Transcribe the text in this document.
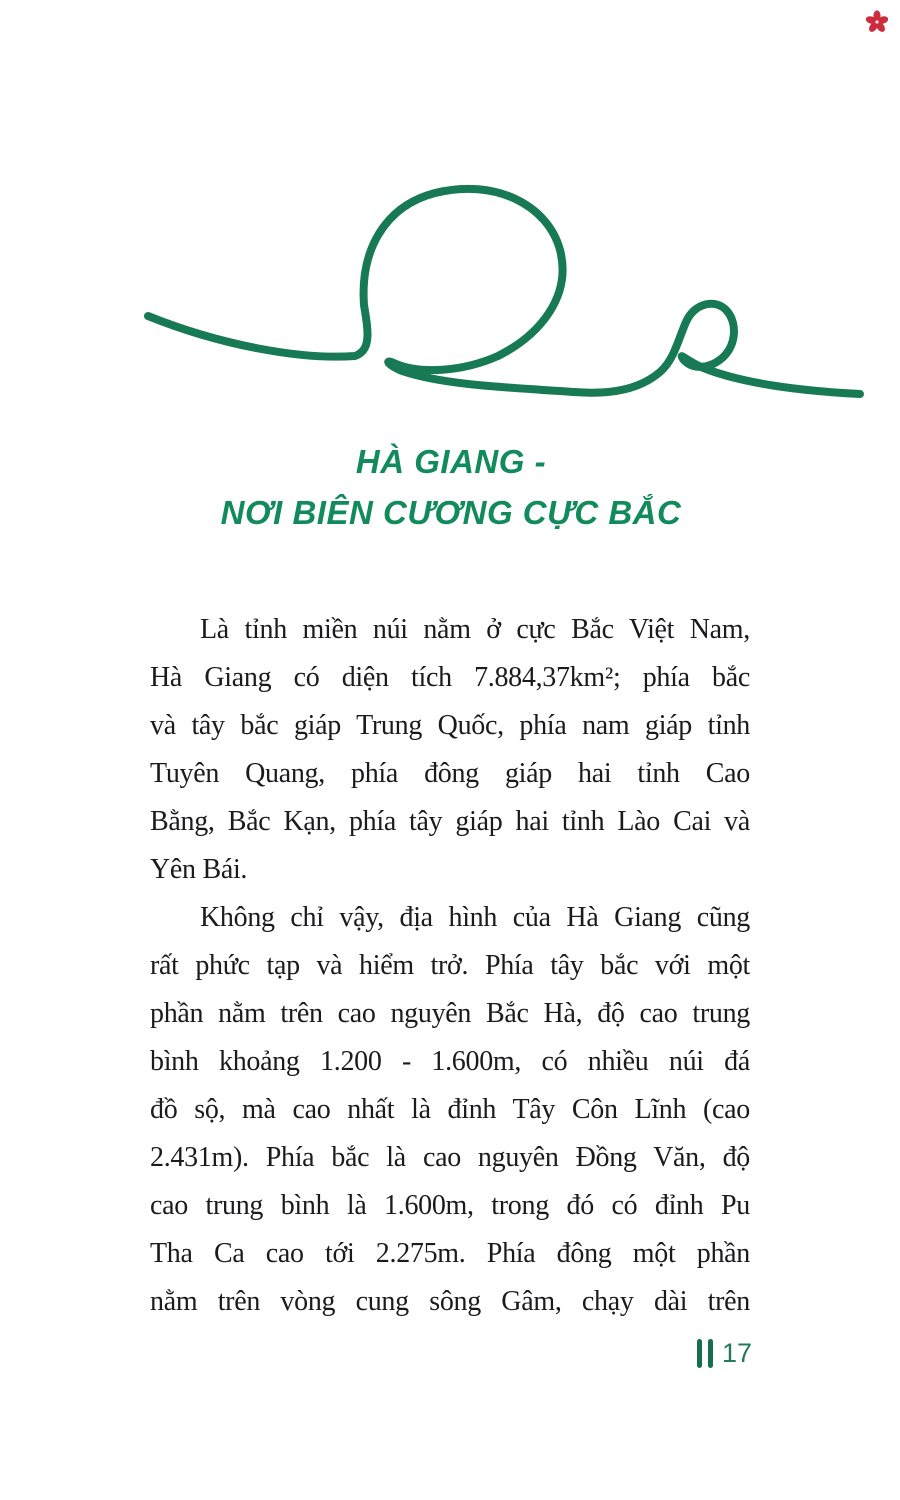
HÀ GIANG -
NƠI BIÊN CƯƠNG CỰC BẮC
Là tỉnh miền núi nằm ở cực Bắc Việt Nam,
Hà Giang có diện tích 7.884,37km²; phía bắc
và tây bắc giáp Trung Quốc, phía nam giáp tỉnh
Tuyên Quang, phía đông giáp hai tỉnh Cao
Bằng, Bắc Kạn, phía tây giáp hai tỉnh Lào Cai và
Yên Bái.
Không chỉ vậy, địa hình của Hà Giang cũng
rất phức tạp và hiểm trở. Phía tây bắc với một
phần nằm trên cao nguyên Bắc Hà, độ cao trung
bình khoảng 1.200 - 1.600m, có nhiều núi đá
đồ sộ, mà cao nhất là đỉnh Tây Côn Lĩnh (cao
2.431m). Phía bắc là cao nguyên Đồng Văn, độ
cao trung bình là 1.600m, trong đó có đỉnh Pu
Tha Ca cao tới 2.275m. Phía đông một phần
nằm trên vòng cung sông Gâm, chạy dài trên
17
